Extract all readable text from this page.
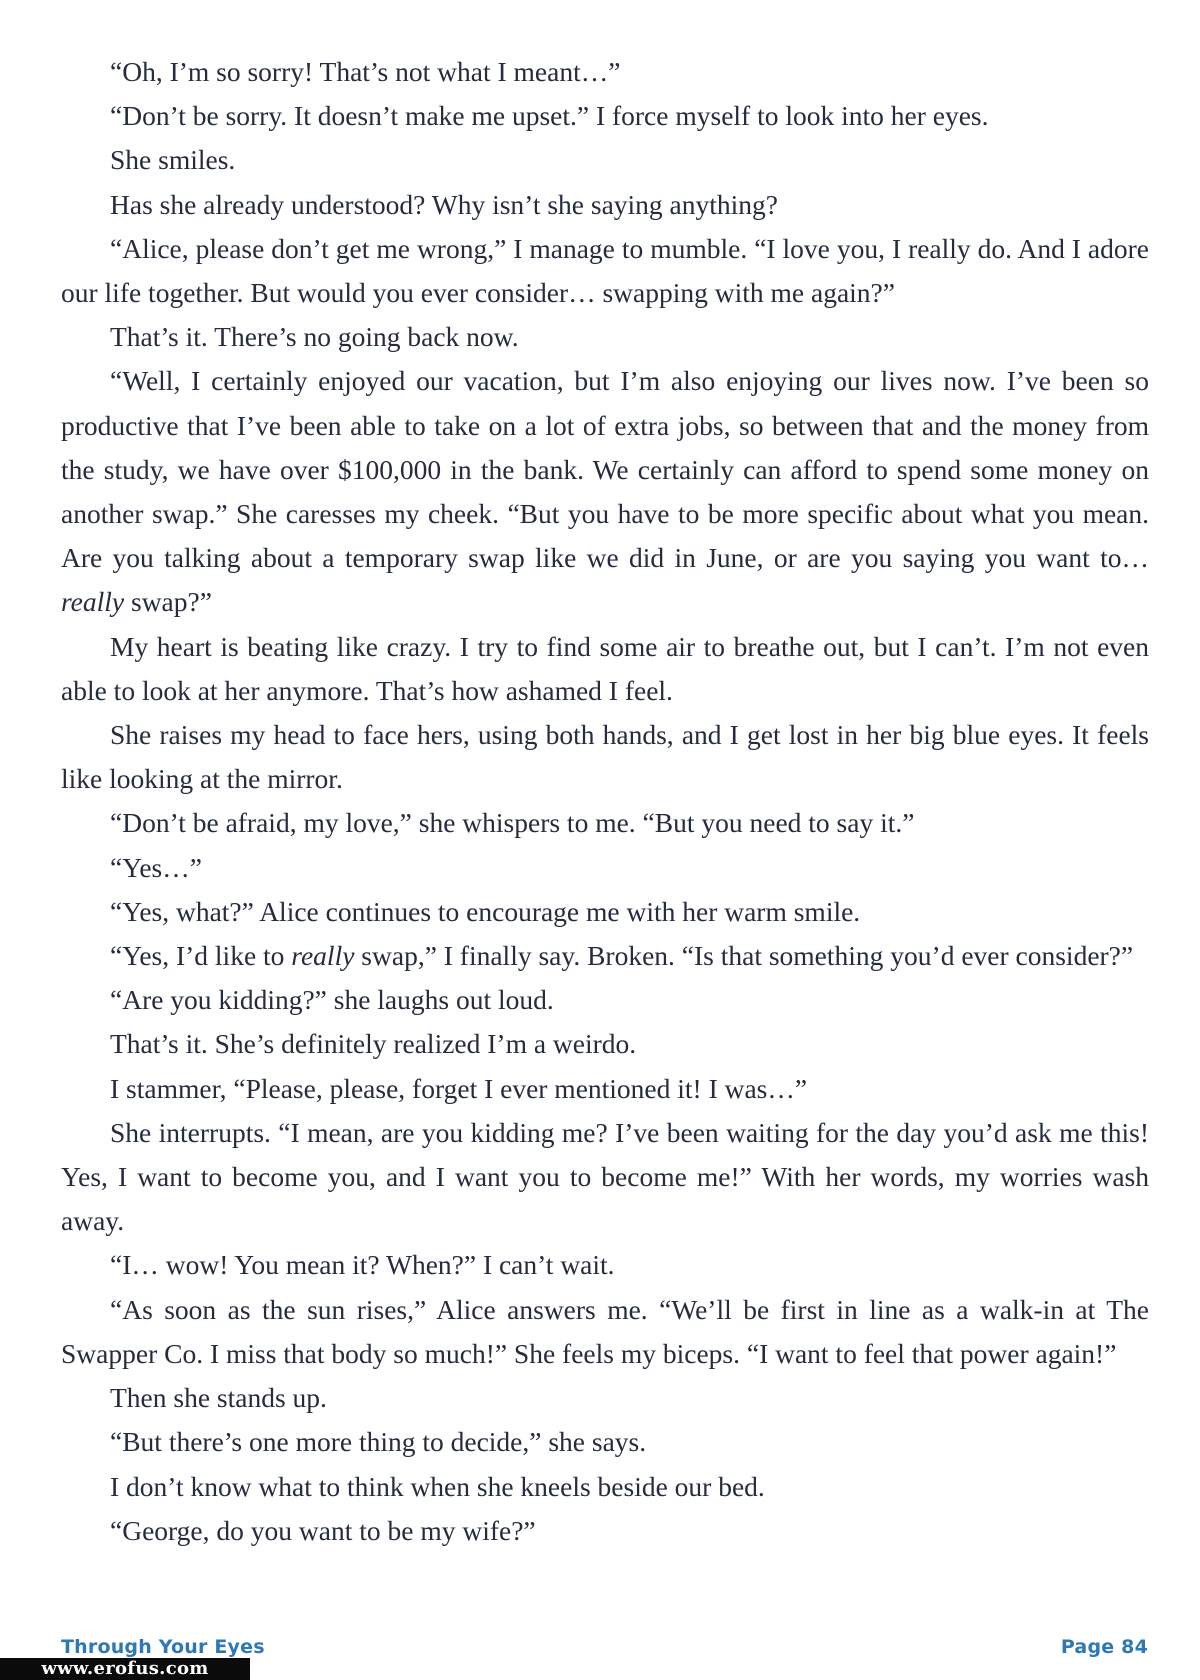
“Oh, I’m so sorry! That’s not what I meant…”

“Don’t be sorry. It doesn’t make me upset.” I force myself to look into her eyes.

She smiles.

Has she already understood? Why isn’t she saying anything?

“Alice, please don’t get me wrong,” I manage to mumble. “I love you, I really do. And I adore our life together. But would you ever consider… swapping with me again?”

That’s it. There’s no going back now.

“Well, I certainly enjoyed our vacation, but I’m also enjoying our lives now. I’ve been so productive that I’ve been able to take on a lot of extra jobs, so between that and the money from the study, we have over $100,000 in the bank. We certainly can afford to spend some money on another swap.” She caresses my cheek. “But you have to be more specific about what you mean. Are you talking about a temporary swap like we did in June, or are you saying you want to… really swap?”

My heart is beating like crazy. I try to find some air to breathe out, but I can’t. I’m not even able to look at her anymore. That’s how ashamed I feel.

She raises my head to face hers, using both hands, and I get lost in her big blue eyes. It feels like looking at the mirror.

“Don’t be afraid, my love,” she whispers to me. “But you need to say it.”

“Yes…”

“Yes, what?” Alice continues to encourage me with her warm smile.

“Yes, I’d like to really swap,” I finally say. Broken. “Is that something you’d ever consider?”

“Are you kidding?” she laughs out loud.

That’s it. She’s definitely realized I’m a weirdo.

I stammer, “Please, please, forget I ever mentioned it! I was…”

She interrupts. “I mean, are you kidding me? I’ve been waiting for the day you’d ask me this! Yes, I want to become you, and I want you to become me!” With her words, my worries wash away.

“I… wow! You mean it? When?” I can’t wait.

“As soon as the sun rises,” Alice answers me. “We’ll be first in line as a walk-in at The Swapper Co. I miss that body so much!” She feels my biceps. “I want to feel that power again!”

Then she stands up.

“But there’s one more thing to decide,” she says.

I don’t know what to think when she kneels beside our bed.

“George, do you want to be my wife?”

Through Your Eyes	Page 84
www.erofus.com
